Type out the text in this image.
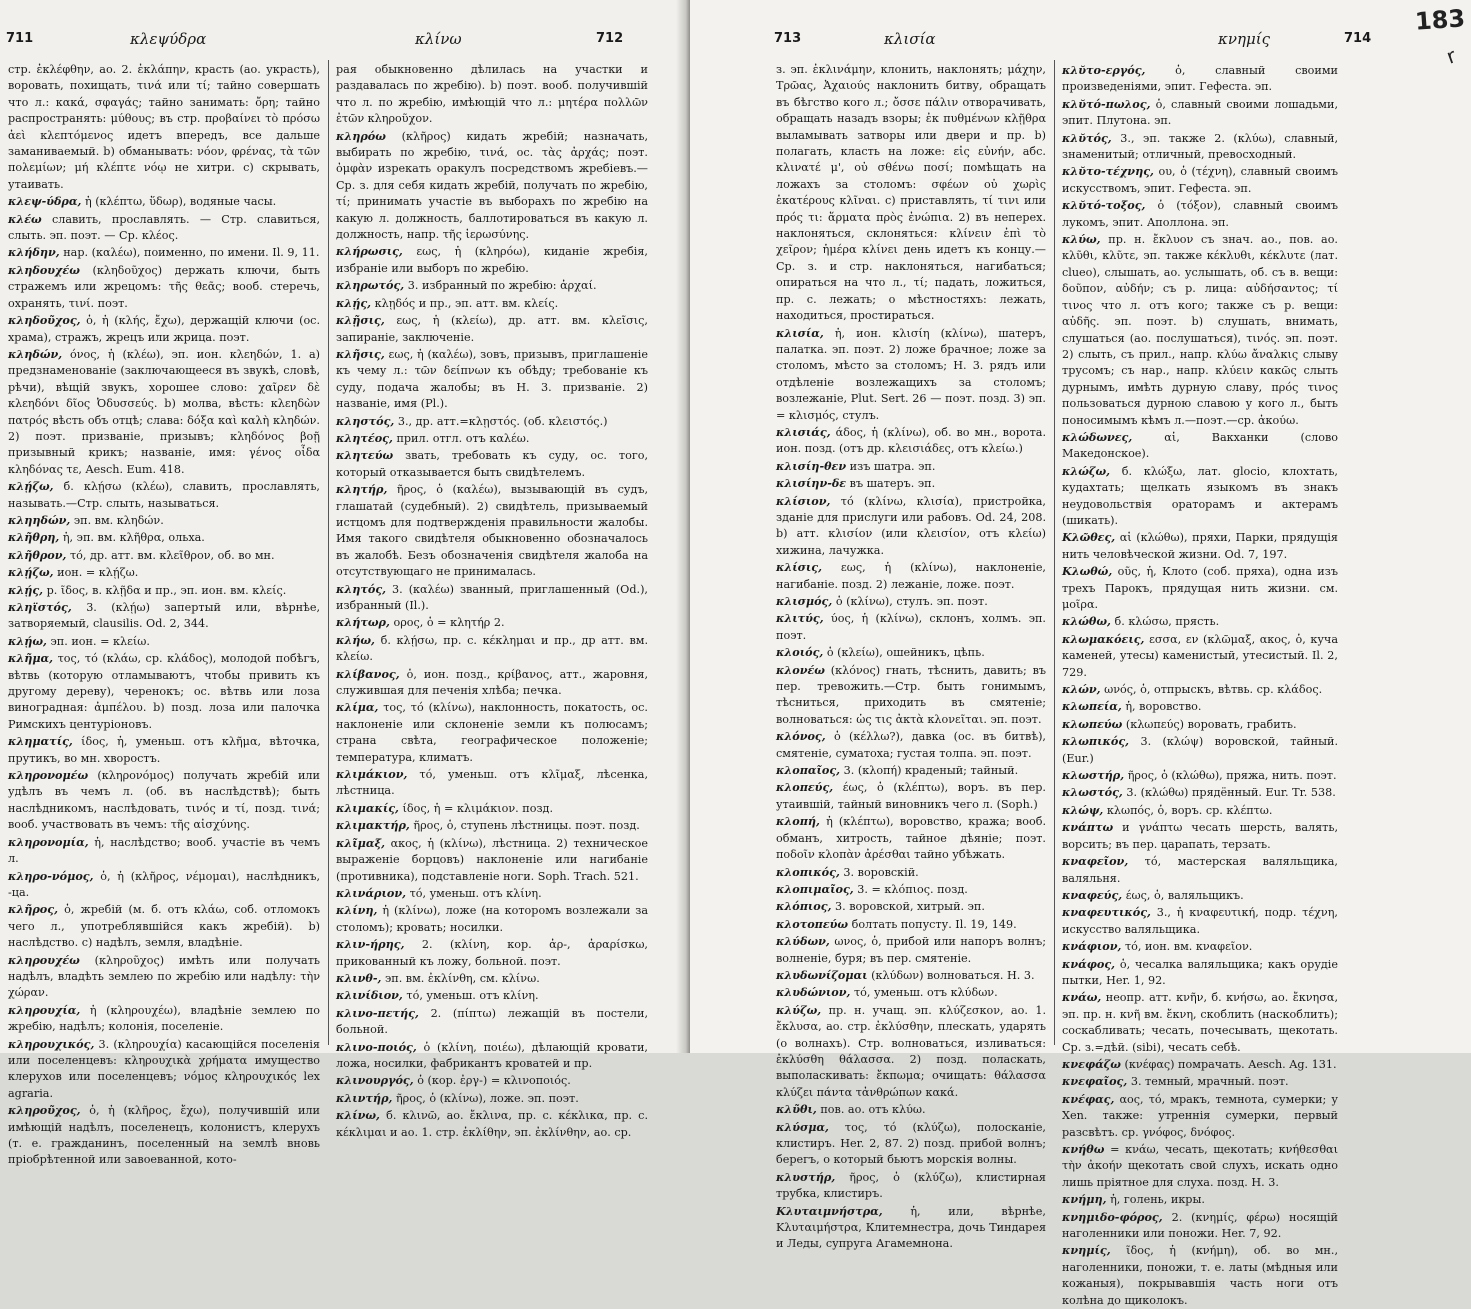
711	κλεψύδρα	κλίνω	712

стр. ἐκλέφθην, ао. 2. ἐκλάπην, красть (ао. украсть), воровать, похищать, τινά или τί; тайно совершать что л.: κακά, σφαγάς; тайно занимать: ὄρη; тайно распространять: μύθους; въ стр. προβαίνει τὸ πρόσω ἀεὶ κλεπτόμενος идетъ впередъ, все дальше заманиваемый. b) обманывать: νόον, φρένας, τὰ τῶν πολεμίων; μή κλέπτε νόῳ не хитри. c) скрывать, утаивать.

κλεψ-ύδρα, ἡ (κλέπτω, ὕδωρ), водяные часы.

κλέω славить, прославлять. — Стр. славиться, слыть. эп. поэт. — Ср. κλέος.

κλήδην, нар. (καλέω), поименно, по имени. Il. 9, 11.

κληδουχέω (κληδοῦχος) держать ключи, быть стражемъ или жрецомъ: τῆς θεᾶς; вооб. стеречь, охранять, τινί. поэт.

κληδοῦχος, ὁ, ἡ (κλής, ἔχω), держащій ключи (ос. храма), стражъ, жрецъ или жрица. поэт.

κληδών, όνος, ἡ (κλέω), эп. ион. κλεηδών, 1. a) предзнаменованіе (заключающееся въ звукѣ, словѣ, рѣчи), вѣщій звукъ, хорошее слово: χαῖρεν δὲ κλεηδόνι δῖος Ὀδυσσεύς. b) молва, вѣсть: κλεηδὼν πατρός вѣсть объ отцѣ; слава: δόξα καὶ καλὴ κληδών. 2) поэт. призваніе, призывъ; κληδόνος βοῇ призывный крикъ; названіе, имя: γένος οἶδα κληδόνας τε, Aesch. Eum. 418.

κλῄζω, б. κλῄσω (κλέω), славить, прославлять, называть.—Стр. слыть, называться.

κληηδών, эп. вм. κληδών.

κλῆθρη, ἡ, эп. вм. κλῆθρα, ольха.

κλῆθρον, τό, др. атт. вм. κλεῖθρον, об. во мн.

κλῄζω, ион. = κλῄζω.

κλῄς, р. ῖδος, в. κλῇδα и пр., эп. ион. вм. κλείς.

κληϊστός, 3. (κλῄω) запертый или, вѣрнѣе, затворяемый, clausilis. Od. 2, 344.

κλῄω, эп. ион. = κλείω.

κλῆμα, τος, τό (κλάω, ср. κλάδος), молодой побѣгъ, вѣтвь (которую отламываютъ, чтобы привить къ другому дереву), черенокъ; ос. вѣтвь или лоза виноградная: ἀμπέλου. b) позд. лоза или палочка Римскихъ центуріоновъ.

κληματίς, ίδος, ἡ, уменьш. отъ κλῆμα, вѣточка, прутикъ, во мн. хворостъ.

κληρονομέω (κληρονόμος) получать жребій или удѣлъ въ чемъ л. (об. въ наслѣдствѣ); быть наслѣдникомъ, наслѣдовать, τινός и τί, позд. τινά; вооб. участвовать въ чемъ: τῆς αἰσχύνης.

κληρονομία, ἡ, наслѣдство; вооб. участіе въ чемъ л.

κληρο-νόμος, ὁ, ἡ (κλῆρος, νέμομαι), наслѣдникъ, -ца.

κλῆρος, ὁ, жребій (м. б. отъ κλάω, соб. отломокъ чего л., употреблявшійся какъ жребій). b) наслѣдство. c) надѣлъ, земля, владѣніе.

κληρουχέω (κληροῦχος) имѣть или получать надѣлъ, владѣть землею по жребію или надѣлу: τὴν χώραν.

κληρουχία, ἡ (κληρουχέω), владѣніе землею по жребію, надѣлъ; колонія, поселеніе.

κληρουχικός, 3. (κληρουχία) касающійся поселенія или поселенцевъ: κληρουχικὰ χρήματα имущество клерухов или поселенцевъ; νόμος κληρουχικός lex agraria.

κληροῦχος, ὁ, ἡ (κλῆρος, ἔχω), получившій или имѣющій надѣлъ, поселенецъ, колонистъ, клерухъ (т. е. гражданинъ, поселенный на землѣ вновь пріобрѣтенной или завоеванной, кото-

рая обыкновенно дѣлилась на участки и раздавалась по жребію). b) поэт. вооб. получившій что л. по жребію, имѣющій что л.: μητέρα πολλῶν ἐτῶν κληροῦχον.

κληρόω (κλῆρος) кидать жребій; назначать, выбирать по жребію, τινά, ос. τὰς ἀρχάς; поэт. ὀμφὰν изрекать оракулъ посредствомъ жребіевъ.—Ср. з. для себя кидать жребій, получать по жребію, τί; принимать участіе въ выборахъ по жребію на какую л. должность, баллотироваться въ какую л. должность, напр. τῆς ἱερωσύνης.

κλήρωσις, εως, ἡ (κληρόω), киданіе жребія, избраніе или выборъ по жребію.

κληρωτός, 3. избранный по жребію: ἀρχαί.

κλῄς, κλῃδός и пр., эп. атт. вм. κλείς.

κλῇσις, εως, ἡ (κλείω), др. атт. вм. κλεῖσις, запираніе, заключеніе.

κλῆσις, εως, ἡ (καλέω), зовъ, призывъ, приглашеніе къ чему л.: τῶν δείπνων къ обѣду; требованіе къ суду, подача жалобы; въ H. 3. призваніе. 2) названіе, имя (Pl.).

κληστός, 3., др. атт.=κλῃστός. (об. κλειστός.)

κλητέος, прил. отгл. отъ καλέω.

κλητεύω звать, требовать къ суду, ос. того, который отказывается быть свидѣтелемъ.

κλητήρ, ῆρος, ὁ (καλέω), вызывающій въ судъ, глашатай (судебный). 2) свидѣтель, призываемый истцомъ для подтвержденія правильности жалобы. Имя такого свидѣтеля обыкновенно обозначалось въ жалобѣ. Безъ обозначенія свидѣтеля жалоба на отсутствующаго не принималась.

κλητός, 3. (καλέω) званный, приглашенный (Od.), избранный (Il.).

κλήτωρ, ορος, ὁ = κλητήρ 2.

κλήω, б. κλῄσω, пр. с. κέκλημαι и пр., др атт. вм. κλείω.

κλίβανος, ὁ, ион. позд., κρίβανος, атт., жаровня, служившая для печенія хлѣба; печка.

κλίμα, τος, τό (κλίνω), наклонность, покатость, ос. наклоненіе или склоненіе земли къ полюсамъ; страна свѣта, географическое положеніе; температура, климатъ.

κλιμάκιον, τό, уменьш. отъ κλῖμαξ, лѣсенка, лѣстница.

κλιμακίς, ίδος, ἡ = κλιμάκιον. позд.

κλιμακτήρ, ῆρος, ὁ, ступень лѣстницы. поэт. позд.

κλῖμαξ, ακος, ἡ (κλίνω), лѣстница. 2) техническое выраженіе борцовъ) наклоненіе или нагибаніе (противника), подставленіе ноги. Soph. Trach. 521.

κλινάριον, τό, уменьш. отъ κλίνη.

κλίνη, ἡ (κλίνω), ложе (на которомъ возлежали за столомъ); кровать; носилки.

κλιν-ήρης, 2. (κλίνη, кор. ἀρ-, ἀραρίσκω, прикованный къ ложу, больной. поэт.

κλινθ-, эп. вм. ἐκλίνθη, см. κλίνω.

κλινίδιον, τό, уменьш. отъ κλίνη.

κλινο-πετής, 2. (πίπτω) лежащій въ постели, больной.

κλινο-ποιός, ὁ (κλίνη, ποιέω), дѣлающій кровати, ложа, носилки, фабрикантъ кроватей и пр.

κλινουργός, ὁ (кор. ἐργ-) = κλινοποιός.

κλιντήρ, ῆρος, ὁ (κλίνω), ложе. эп. поэт.

κλίνω, б. κλινῶ, ао. ἔκλινα, пр. с. κέκλικα, пр. с. кέκλιμαι и ао. 1. стр. ἐκλίθην, эп. ἐκλίνθην, ао. ср.

713	κλισία	κνημίς	714
183
r

з. эп. ἐκλινάμην, клонить, наклонять; μάχην, Τρῶας, Ἀχαιούς наклонить битву, обращать въ бѣгство кого л.; ὄσσε πάλιν отворачивать, обращать назадъ взоры; ἐκ πυθμένων κλῇθρα выламывать затворы или двери и пр. b) полагать, класть на ложе: εἰς εὐνήν, абс. κλινατέ μ', οὐ σθένω ποσί; помѣщать на ложахъ за столомъ: σφέων οὐ χωρὶς ἑκατέρους κλῖναι. c) приставлять, τί τινι или πρός τι: ἅρματα πρὸς ἐνώπια. 2) въ неперех. наклоняться, склоняться: κλίνειν ἐπὶ τὸ χεῖρον; ἡμέρα κλίνει день идетъ къ концу.—Ср. з. и стр. наклоняться, нагибаться; опираться на что л., τί; падать, ложиться, пр. с. лежать; о мѣстностяхъ: лежать, находиться, простираться.

κλισία, ἡ, ион. κλισίη (κλίνω), шатеръ, палатка. эп. поэт. 2) ложе брачное; ложе за столомъ, мѣсто за столомъ; H. 3. рядъ или отдѣленіе возлежащихъ за столомъ; возлежаніе, Plut. Sert. 26 — поэт. позд. 3) эп. = κλισμός, стулъ.

κλισιάς, άδος, ἡ (κλίνω), об. во мн., ворота. ион. позд. (отъ др. κλεισιάδες, отъ κλείω.)

κλισίη-θεν изъ шатра. эп.

κλισίην-δε въ шатеръ. эп.

κλίσιον, τό (κλίνω, κλισία), пристройка, зданіе для прислуги или рабовъ. Od. 24, 208. b) атт. κλισίον (или κλεισίον, отъ κλείω) хижина, лачужка.

κλίσις, εως, ἡ (κλίνω), наклоненіе, нагибаніе. позд. 2) лежаніе, ложе. поэт.

κλισμός, ὁ (κλίνω), стулъ. эп. поэт.

κλιτύς, ύος, ἡ (κλίνω), склонъ, холмъ. эп. поэт.

κλοιός, ὁ (κλείω), ошейникъ, цѣпь.

κλονέω (κλόνος) гнать, тѣснить, давить; въ пер. тревожить.—Стр. быть гонимымъ, тѣсниться, приходить въ смятеніе; волноваться: ὡς τις ἀκτὰ κλονεῖται. эп. поэт.

κλόνος, ὁ (κέλλω?), давка (ос. въ битвѣ), смятеніе, суматоха; густая толпа. эп. поэт.

κλοπαῖος, 3. (κλοπή) краденый; тайный.

κλοπεύς, έως, ὁ (κλέπτω), воръ. въ пер. утаившій, тайный виновникъ чего л. (Soph.)

κλοπή, ἡ (κλέπτω), воровство, кража; вооб. обманъ, хитрость, тайное дѣяніе; поэт. ποδοῖν κλοπὰν ἀρέσθαι тайно убѣжать.

κλοπικός, 3. воровскій.

κλοπιμαῖος, 3. = κλόπιος. позд.

κλόπιος, 3. воровской, хитрый. эп.

κλοτοπεύω болтать попусту. Il. 19, 149.

κλύδων, ωνος, ὁ, прибой или напоръ волнъ; волненіе, буря; въ пер. смятеніе.

κλυδωνίζομαι (κλύδων) волноваться. H. 3.

κλυδώνιον, τό, уменьш. отъ κλύδων.

κλύζω, пр. н. учащ. эп. κλύζεσκον, ао. 1. ἔκλυσα, ао. стр. ἐκλύσθην, плескать, ударять (о волнахъ). Стр. волноваться, изливаться: ἐκλύσθη θάλασσα. 2) позд. поласкать, выполаскивать: ἔκπωμα; очищать: θάλασσα κλύζει πάντα τἀνθρώπων κακά.

κλῦθι, пов. ао. отъ κλύω.

κλύσμα, τος, τό (κλύζω), полосканіе, клистиръ. Her. 2, 87. 2) позд. прибой волнъ; берегъ, о который бьютъ морскія волны.

κλυστήρ, ῆρος, ὁ (κλύζω), клистирная трубка, клистиръ.

Κλυταιμνήστρα, ἡ, или, вѣрнѣе, Κλυταιμήστρα, Клитемнестра, дочь Тиндарея и Леды, супруга Агамемнона.

κλῠτο-εργός,	ὁ, славный своими произведеніями, эпит. Гефеста. эп.

κλῠτό-πωλος, ὁ, славный своими лошадьми, эпит. Плутона. эп.

κλῠτός, 3., эп. также 2. (κλύω), славный, знаменитый; отличный, превосходный.

κλῠτο-τέχνης, ου, ὁ (τέχνη), славный своимъ искусствомъ, эпит. Гефеста. эп.

κλῠτό-τοξος, ὁ (τόξον), славный своимъ лукомъ, эпит. Аполлона. эп.

κλύω, пр. н. ἔκλυον съ знач. ао., пов. ао. κλῦθι, κλῦτε, эп. также κέκλυθι, κέκλυτε (лат. cluеo), слышать, ао. услышать, об. съ в. вещи: δοῦπον, αὐδήν; съ р. лица: αὐδήσαντος; τί τινος что л. отъ кого; также съ р. вещи: αὐδῆς. эп. поэт. b) слушать, внимать, слушаться (ао. послушаться), τινός. эп. поэт. 2) слыть, съ прил., напр. κλύω ἄναλκις слыву трусомъ; съ нар., напр. κλύειν κακῶς слыть дурнымъ, имѣть дурную славу, πρός τινος пользоваться дурною славою у кого л., быть поносимымъ кѣмъ л.—поэт.—ср. ἀκούω.

κλώδωνες,	αἱ, Вакханки (слово Македонское).

κλώζω, б. κλώξω, лат. glocio, клохтать, кудахтать; щелкать языкомъ въ знакъ неудовольствія ораторамъ и актерамъ (шикать).

Κλῶθες, αἱ (κλώθω), пряхи, Парки, прядущія нить человѣческой жизни. Od. 7, 197.

Κλωθώ, οῦς, ἡ, Клото (соб. пряха), одна изъ трехъ Парокъ, прядущая нить жизни. см. μοῖρα.

κλώθω, б. κλώσω, прясть.

κλωμακόεις, εσσα, εν (κλῶμαξ, ακος, ὁ, куча каменей, утесы) каменистый, утесистый. Il. 2, 729.

κλών, ωνός, ὁ, отпрыскъ, вѣтвь. ср. κλάδος.

κλωπεία, ἡ, воровство.

κλωπεύω (κλωπεύς) воровать, грабить.

κλωπικός, 3. (κλώψ) воровской, тайный. (Eur.)

κλωστήρ, ῆρος, ὁ (κλώθω), пряжа, нить. поэт.

κλωστός, 3. (κλώθω) прядённый. Eur. Tr. 538.

κλώψ, κλωπός, ὁ, воръ. ср. κλέπτω.

κνάπτω и γνάπτω чесать шерсть, валять, ворсить; въ пер. царапать, терзать.

κναφεῖον, τό, мастерская валяльщика, валяльня.

κναφεύς, έως, ὁ, валяльщикъ.

κναφευτικός, 3., ἡ κναφευτική, подр. τέχνη, искусство валяльщика.

κνάφιον, τό, ион. вм. κναφεῖον.

κνάφος, ὁ, чесалка валяльщика; какъ орудіе пытки, Her. 1, 92.

κνάω, неопр. атт. κνῆν, б. κνήσω, ао. ἔκνησα, эп. пр. н. κνῆ вм. ἔκνη, скоблить (наскоблить); соскабливать; чесать, почесывать, щекотать. Ср. з.=дѣй. (sibi), чесать себѣ.

κνεφάζω (κνέφας) помрачать. Aesch. Ag. 131.

κνεφαῖος, 3. темный, мрачный. поэт.

κνέφας, αος, τό, мракъ, темнота, сумерки; у Xen. также: утреннія сумерки, первый разсвѣтъ. ср. γνόφος, δνόφος.

κνήθω = κνάω, чесать, щекотать; κνήθεσθαι τὴν ἀκοήν щекотать свой слухъ, искать одно лишь пріятное для слуха. позд. H. 3.

κνήμη, ἡ, голень, икры.

κνημιδο-φόρος, 2. (κνημίς, φέρω) носящій наголенники или поножи. Her. 7, 92.

κνημίς, ῖδος, ἡ (κνήμη), об. во мн., наголенники, поножи, т. е. латы (мѣдныя или кожаныя), покрывавшія часть ноги отъ колѣна до щиколокъ.
